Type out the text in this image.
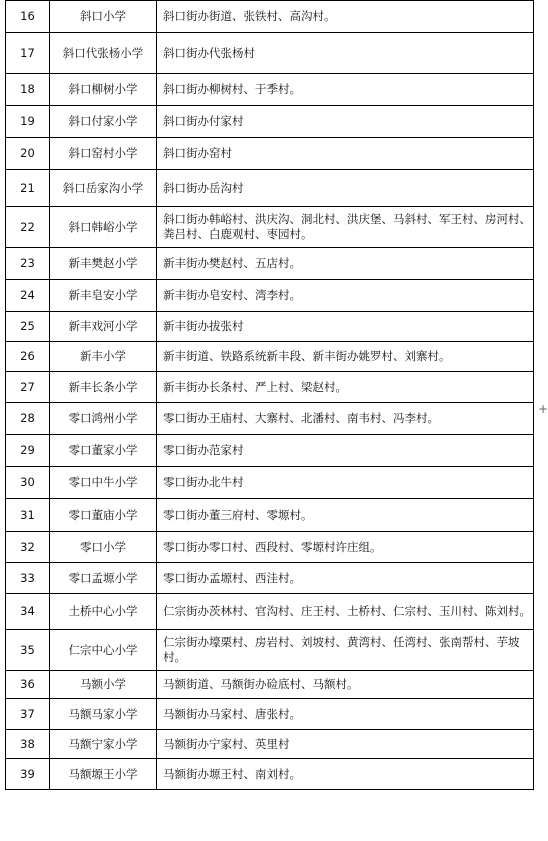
16	斜口小学	斜口街办街道、张铁村、高沟村。
17	斜口代张杨小学	斜口街办代张杨村
18	斜口柳树小学	斜口街办柳树村、于季村。
19	斜口付家小学	斜口街办付家村
20	斜口窑村小学	斜口街办窑村
21	斜口岳家沟小学	斜口街办岳沟村
22	斜口韩峪小学	斜口街办韩峪村、洪庆沟、洞北村、洪庆堡、马斜村、军王村、房河村、粪吕村、白鹿观村、枣园村。
23	新丰樊赵小学	新丰街办樊赵村、五店村。
24	新丰皂安小学	新丰街办皂安村、湾李村。
25	新丰戏河小学	新丰街办拔张村
26	新丰小学	新丰街道、铁路系统新丰段、新丰街办姚罗村、刘寨村。
27	新丰长条小学	新丰街办长条村、严上村、梁赵村。
28	零口鸿州小学	零口街办王庙村、大寨村、北潘村、南韦村、冯李村。
29	零口董家小学	零口街办范家村
30	零口中牛小学	零口街办北牛村
31	零口董庙小学	零口街办董三府村、零塬村。
32	零口小学	零口街办零口村、西段村、零塬村许庄组。
33	零口孟塬小学	零口街办孟塬村、西洼村。
34	土桥中心小学	仁宗街办茨林村、官沟村、庄王村、土桥村、仁宗村、玉川村、陈刘村。
35	仁宗中心小学	仁宗街办壕栗村、房岩村、刘坡村、黄湾村、任湾村、张南帮村、芋坡村。
36	马额小学	马额街道、马额街办硷底村、马额村。
37	马额马家小学	马额街办马家村、唐张村。
38	马额宁家小学	马额街办宁家村、英里村
39	马额塬王小学	马额街办塬王村、南刘村。
+
